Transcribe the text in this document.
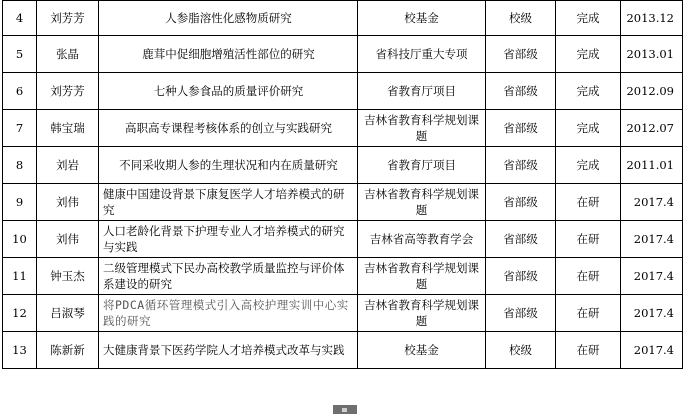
4	刘芳芳	人参脂溶性化感物质研究	校基金	校级	完成	2013.12
5	张晶	鹿茸中促细胞增殖活性部位的研究	省科技厅重大专项	省部级	完成	2013.01
6	刘芳芳	七种人参食品的质量评价研究	省教育厅项目	省部级	完成	2012.09
7	韩宝瑞	高职高专课程考核体系的创立与实践研究	吉林省教育科学规划课题	省部级	完成	2012.07
8	刘岩	不同采收期人参的生理状况和内在质量研究	省教育厅项目	省部级	完成	2011.01
9	刘伟	健康中国建设背景下康复医学人才培养模式的研究	吉林省教育科学规划课题	省部级	在研	2017.4
10	刘伟	人口老龄化背景下护理专业人才培养模式的研究与实践	吉林省高等教育学会	省部级	在研	2017.4
11	钟玉杰	二级管理模式下民办高校教学质量监控与评价体系建设的研究	吉林省教育科学规划课题	省部级	在研	2017.4
12	吕淑琴	将PDCA循环管理模式引入高校护理实训中心实践的研究	吉林省教育科学规划课题	省部级	在研	2017.4
13	陈新新	大健康背景下医药学院人才培养模式改革与实践	校基金	校级	在研	2017.4
